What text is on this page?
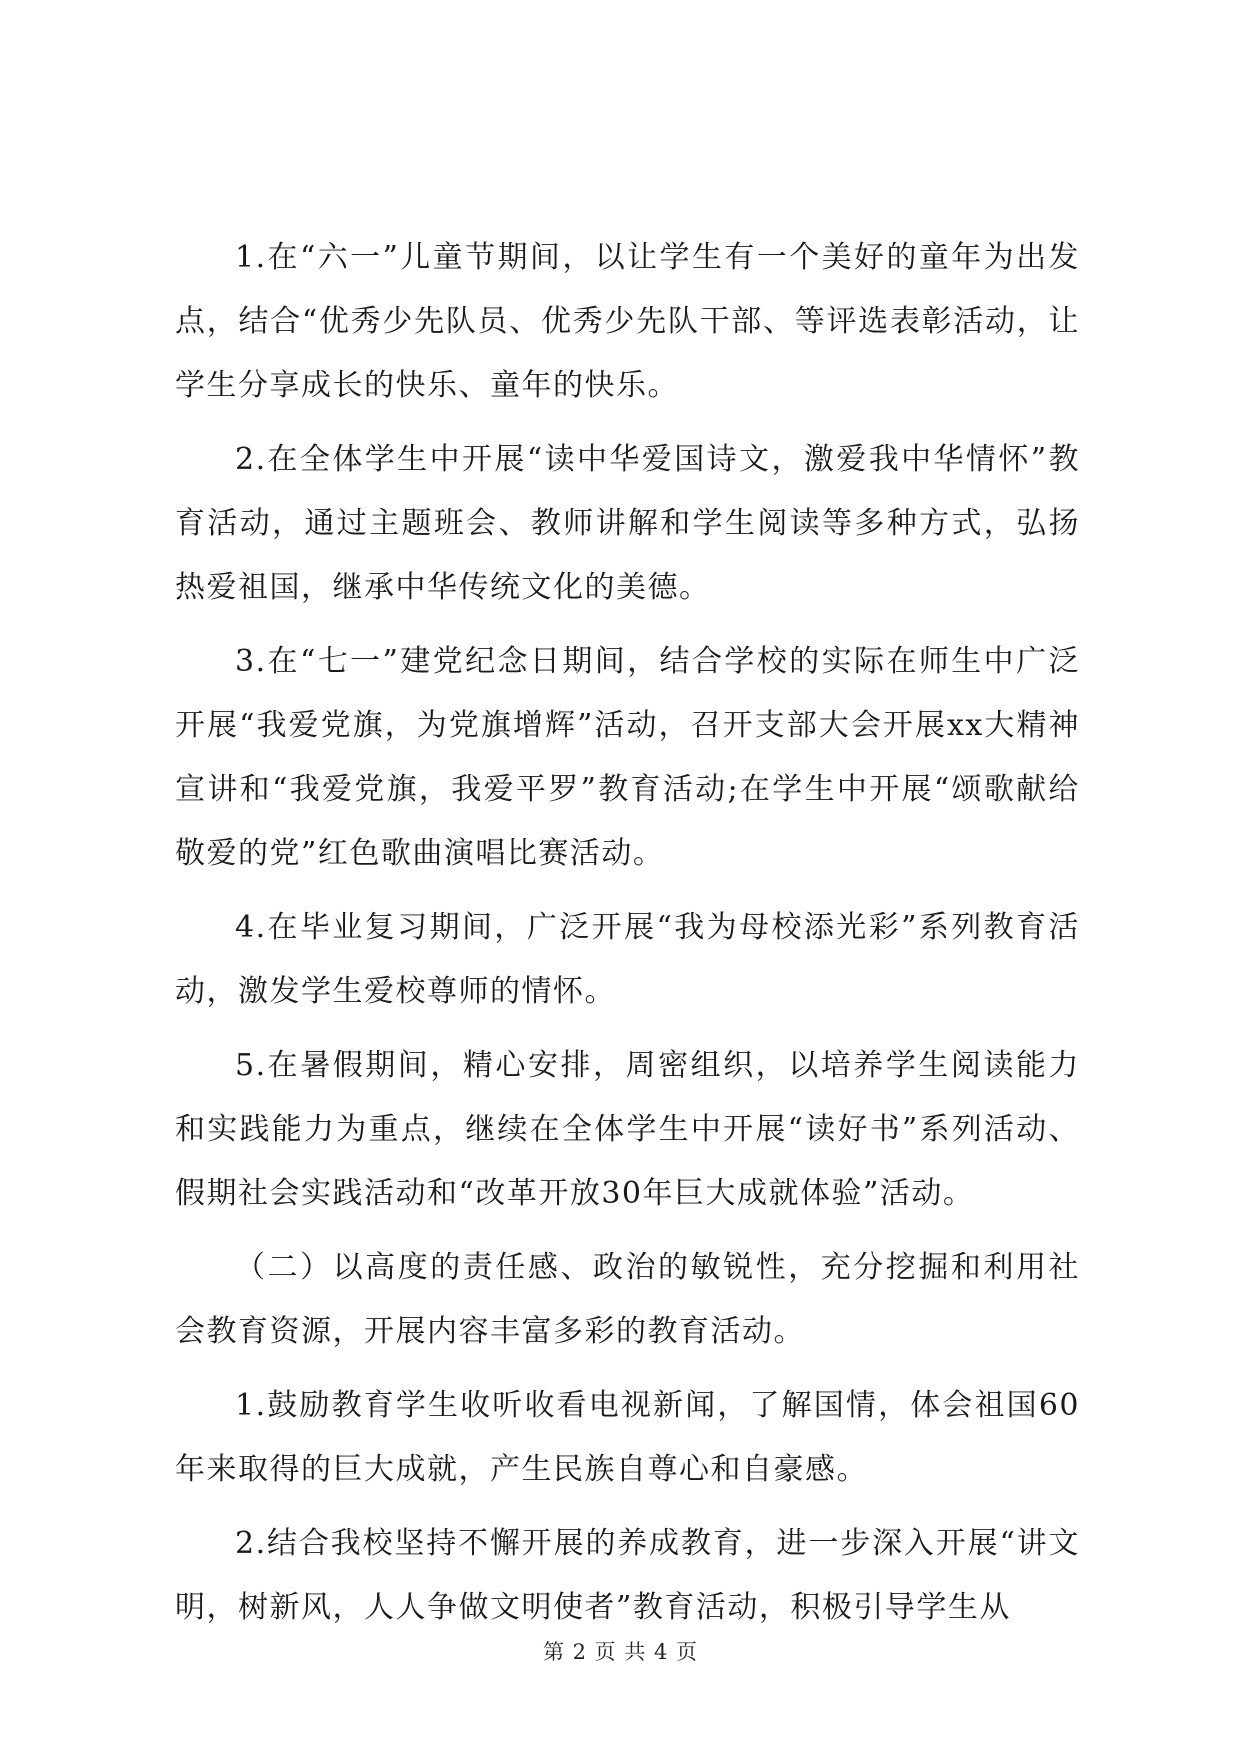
1.在“六一”儿童节期间，以让学生有一个美好的童年为出发点，结合“优秀少先队员、优秀少先队干部、等评选表彰活动，让学生分享成长的快乐、童年的快乐。

2.在全体学生中开展“读中华爱国诗文，激爱我中华情怀”教育活动，通过主题班会、教师讲解和学生阅读等多种方式，弘扬热爱祖国，继承中华传统文化的美德。

3.在“七一”建党纪念日期间，结合学校的实际在师生中广泛开展“我爱党旗，为党旗增辉”活动，召开支部大会开展xx大精神宣讲和“我爱党旗，我爱平罗”教育活动;在学生中开展“颂歌献给敬爱的党”红色歌曲演唱比赛活动。

4.在毕业复习期间，广泛开展“我为母校添光彩”系列教育活动，激发学生爱校尊师的情怀。

5.在暑假期间，精心安排，周密组织，以培养学生阅读能力和实践能力为重点，继续在全体学生中开展“读好书”系列活动、假期社会实践活动和“改革开放30年巨大成就体验”活动。

（二）以高度的责任感、政治的敏锐性，充分挖掘和利用社会教育资源，开展内容丰富多彩的教育活动。

1.鼓励教育学生收听收看电视新闻，了解国情，体会祖国60年来取得的巨大成就，产生民族自尊心和自豪感。

2.结合我校坚持不懈开展的养成教育，进一步深入开展“讲文明，树新风，人人争做文明使者”教育活动，积极引导学生从

第 2 页 共 4 页
